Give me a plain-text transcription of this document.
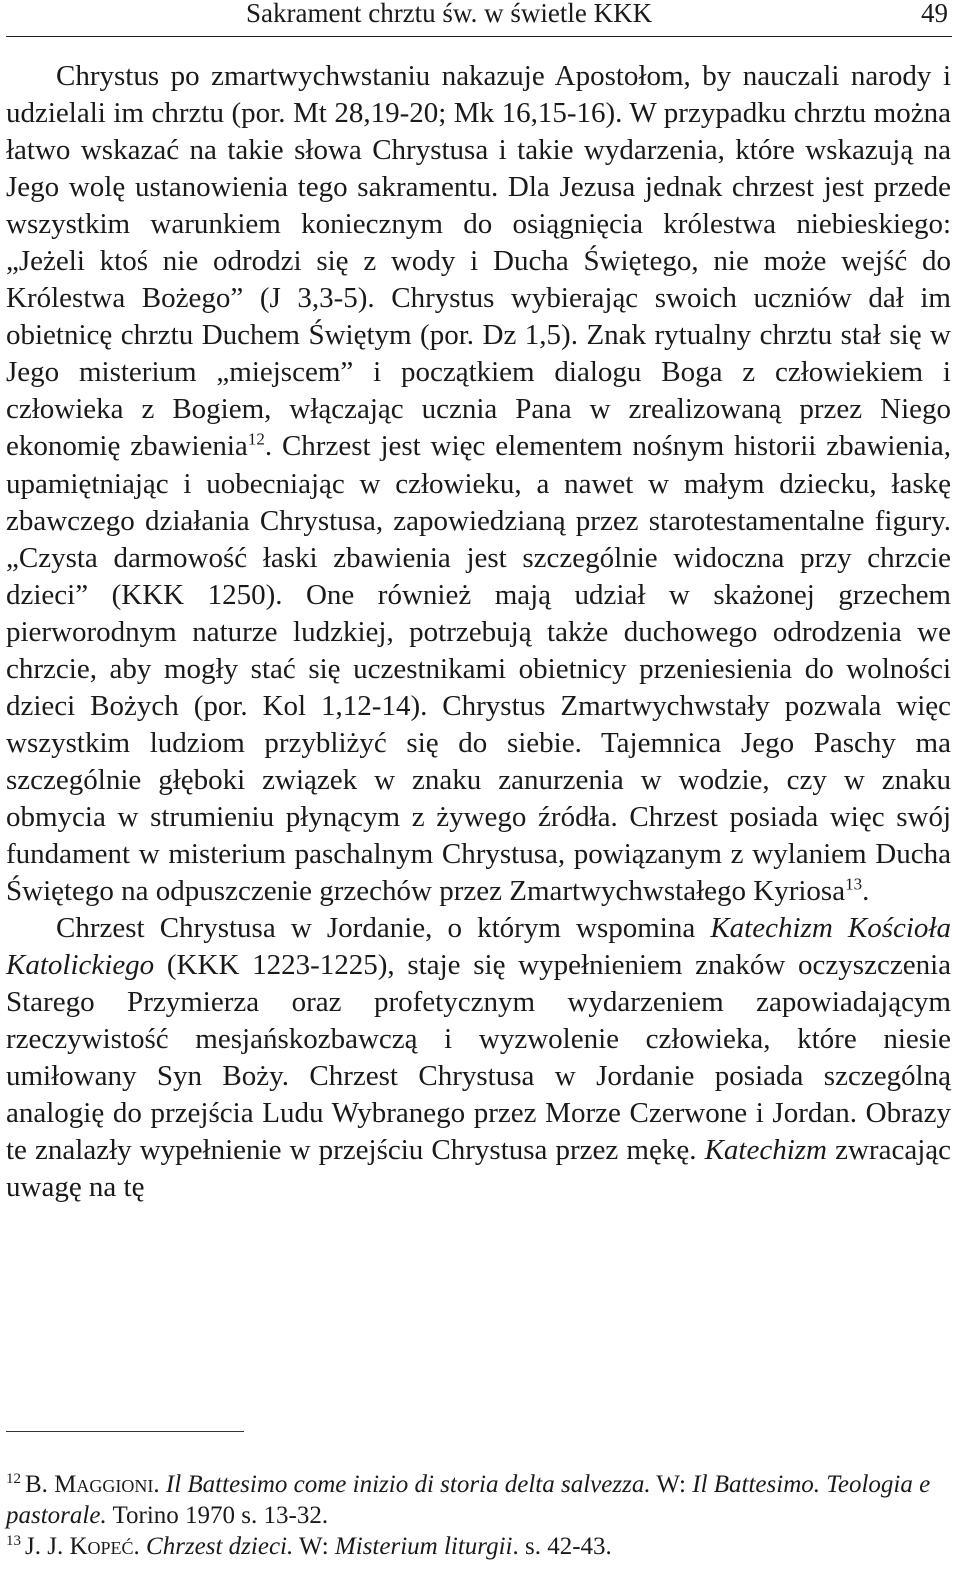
Sakrament chrztu św. w świetle KKK	49

Chrystus po zmartwychwstaniu nakazuje Apostołom, by nauczali narody i udzielali im chrztu (por. Mt 28,19-20; Mk 16,15-16). W przypadku chrztu można łatwo wskazać na takie słowa Chrystusa i takie wydarzenia, które wskazują na Jego wolę ustanowienia tego sakramentu. Dla Jezusa jednak chrzest jest przede wszystkim warunkiem koniecznym do osiągnięcia królestwa niebieskiego: „Jeżeli ktoś nie odrodzi się z wody i Ducha Świętego, nie może wejść do Królestwa Bożego” (J 3,3-5). Chrystus wybierając swoich uczniów dał im obietnicę chrztu Duchem Świętym (por. Dz 1,5). Znak rytualny chrztu stał się w Jego misterium „miejscem” i początkiem dialogu Boga z człowiekiem i człowieka z Bogiem, włączając ucznia Pana w zrealizowaną przez Niego ekonomię zbawienia$^{12}$. Chrzest jest więc elementem nośnym historii zbawienia, upamiętniając i uobecniając w człowieku, a nawet w małym dziecku, łaskę zbawczego działania Chrystusa, zapowiedzianą przez starotestamentalne figury. „Czysta darmowość łaski zbawienia jest szczególnie widoczna przy chrzcie dzieci” (KKK 1250). One również mają udział w skażonej grzechem pierworodnym naturze ludzkiej, potrzebują także duchowego odrodzenia we chrzcie, aby mogły stać się uczestnikami obietnicy przeniesienia do wolności dzieci Bożych (por. Kol 1,12-14). Chrystus Zmartwychwstały pozwala więc wszystkim ludziom przybliżyć się do siebie. Tajemnica Jego Paschy ma szczególnie głęboki związek w znaku zanurzenia w wodzie, czy w znaku obmycia w strumieniu płynącym z żywego źródła. Chrzest posiada więc swój fundament w misterium paschalnym Chrystusa, powiązanym z wylaniem Ducha Świętego na odpuszczenie grzechów przez Zmartwychwstałego Kyriosa$^{13}$.

Chrzest Chrystusa w Jordanie, o którym wspomina Katechizm Kościoła Katolickiego (KKK 1223-1225), staje się wypełnieniem znaków oczyszczenia Starego Przymierza oraz profetycznym wydarzeniem zapowiadającym rzeczywistość mesjańskozbawczą i wyzwolenie człowieka, które niesie umiłowany Syn Boży. Chrzest Chrystusa w Jordanie posiada szczególną analogię do przejścia Ludu Wybranego przez Morze Czerwone i Jordan. Obrazy te znalazły wypełnienie w przejściu Chrystusa przez mękę. Katechizm zwracając uwagę na tę

$^{12}$ B. Maggioni. Il Battesimo come inizio di storia delta salvezza. W: Il Battesimo. Teologia e pastorale. Torino 1970 s. 13-32.

$^{13}$ J. J. Kopeć. Chrzest dzieci. W: Misterium liturgii. s. 42-43.
